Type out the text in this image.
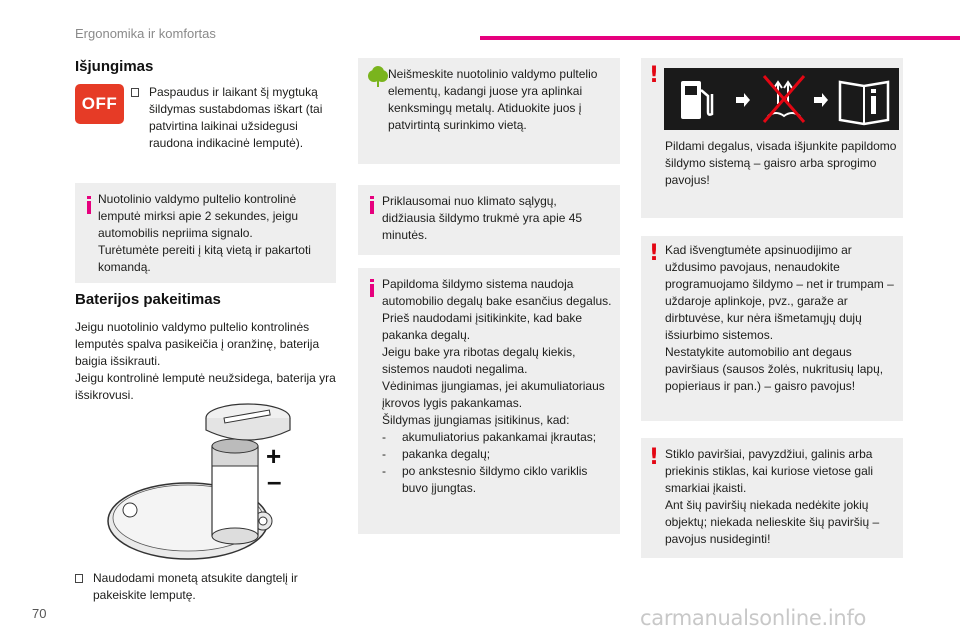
Ergonomika ir komfortas
Išjungimas
OFF
Paspaudus ir laikant šį mygtuką šildymas sustabdomas iškart (tai patvirtina laikinai užsidegusi raudona indikacinė lemputė).
Nuotolinio valdymo pultelio kontrolinė lemputė mirksi apie 2 sekundes, jeigu automobilis nepriima signalo.
Turėtumėte pereiti į kitą vietą ir pakartoti komandą.
Baterijos pakeitimas
Jeigu nuotolinio valdymo pultelio kontrolinės lemputės spalva pasikeičia į oranžinę, baterija baigia išsikrauti.
Jeigu kontrolinė lemputė neužsidega, baterija yra išsikrovusi.
+
–
Naudodami monetą atsukite dangtelį ir pakeiskite lemputę.
Neišmeskite nuotolinio valdymo pultelio elementų, kadangi juose yra aplinkai kenksmingų metalų. Atiduokite juos į patvirtintą surinkimo vietą.
Priklausomai nuo klimato sąlygų, didžiausia šildymo trukmė yra apie 45 minutės.
Papildoma šildymo sistema naudoja automobilio degalų bake esančius degalus.
Prieš naudodami įsitikinkite, kad bake pakanka degalų.
Jeigu bake yra ribotas degalų kiekis, sistemos naudoti negalima.
Vėdinimas įjungiamas, jei akumuliatoriaus įkrovos lygis pakankamas.
Šildymas įjungiamas įsitikinus, kad:
- akumuliatorius pakankamai įkrautas;
- pakanka degalų;
- po ankstesnio šildymo ciklo variklis buvo įjungtas.
!
Pildami degalus, visada išjunkite papildomo šildymo sistemą – gaisro arba sprogimo pavojus!
! Kad išvengtumėte apsinuodijimo ar uždusimo pavojaus, nenaudokite programuojamo šildymo – net ir trumpam – uždaroje aplinkoje, pvz., garaže ar dirbtuvėse, kur nėra išmetamųjų dujų išsiurbimo sistemos.
Nestatykite automobilio ant degaus paviršiaus (sausos žolės, nukritusių lapų, popieriaus ir pan.) – gaisro pavojus!
! Stiklo paviršiai, pavyzdžiui, galinis arba priekinis stiklas, kai kuriose vietose gali smarkiai įkaisti.
Ant šių paviršių niekada nedėkite jokių objektų; niekada nelieskite šių paviršių – pavojus nusideginti!
70	carmanualsonline.info
